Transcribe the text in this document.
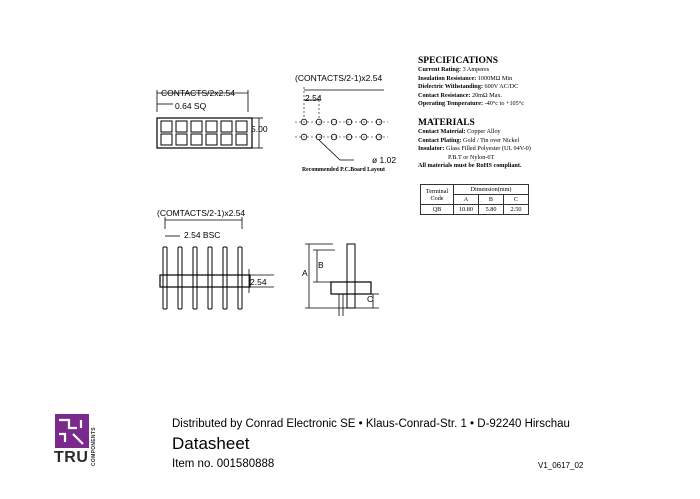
CONTACTS/2x2.54
0.64 SQ
5.00
(CONTACTS/2-1)x2.54
2.54
ø 1.02
Recommended P.C.Board Layout
(COMTACTS/2-1)x2.54
2.54 BSC
2.54
A
B
C
SPECIFICATIONS
Current Rating: 3 Amperes
Insulation Resistance: 1000MΩ Min
Dielectric Withstanding: 600V AC/DC
Contact Resistance: 20mΩ Max.
Operating Temperature: -40°c to +105°c
MATERIALS
Contact Material: Copper Alloy
Contact Plating: Gold / Tin over Nickel
Insulator: Glass Filled Polyester (UL 94V-0)
P.B.T or Nylon-6T
All materials must be RoHS compliant.
Terminal Code	Dimension(mm)		
	A	B	C
QB	10.80	5.80	2.50
TRU COMPONENTS
Distributed by Conrad Electronic SE • Klaus-Conrad-Str. 1 • D-92240 Hirschau
Datasheet
Item no. 001580888	V1_0617_02
